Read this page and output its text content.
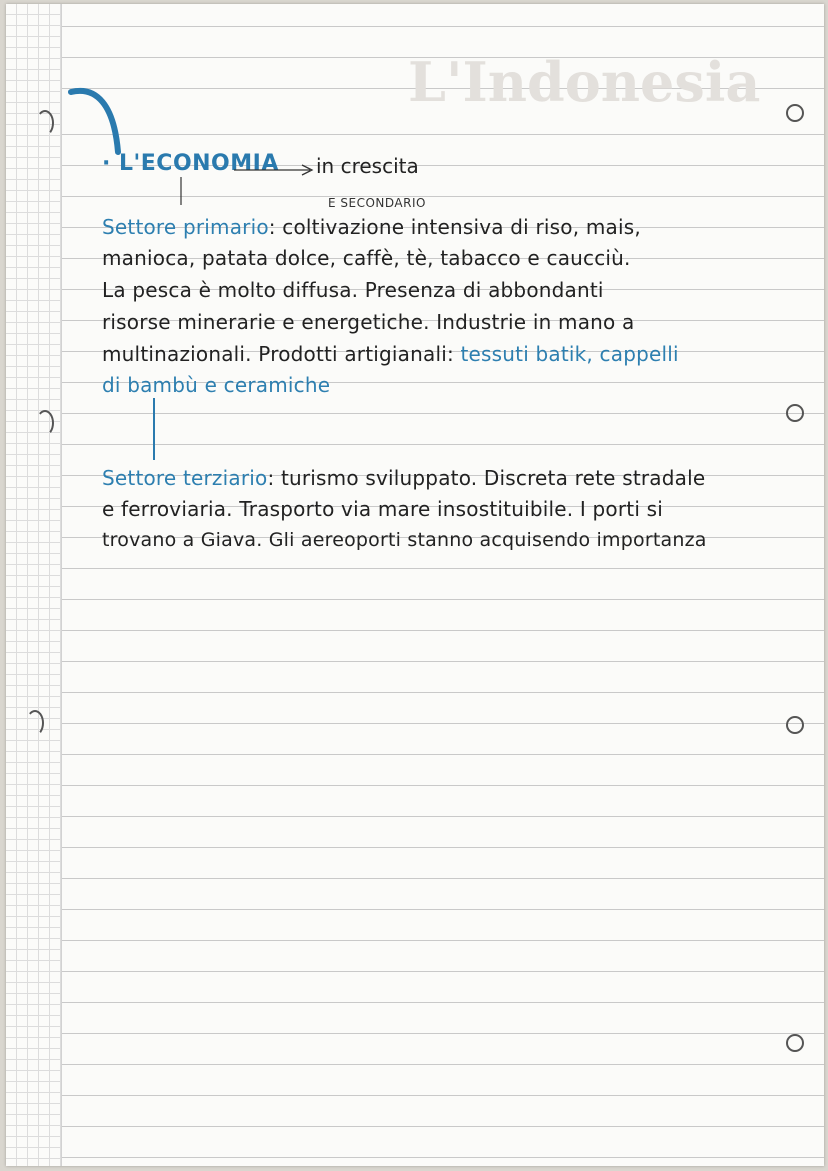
L'Indonesia
· L'ECONOMIA in crescita
E SECONDARIO
Settore primario: coltivazione intensiva di riso, mais,
manioca, patata dolce, caffè, tè, tabacco e caucciù.
La pesca è molto diffusa. Presenza di abbondanti
risorse minerarie e energetiche. Industrie in mano a
multinazionali. Prodotti artigianali: tessuti batik, cappelli
di bambù e ceramiche
Settore terziario: turismo sviluppato. Discreta rete stradale
e ferroviaria. Trasporto via mare insostituibile. I porti si
trovano a Giava. Gli aereoporti stanno acquisendo importanza
